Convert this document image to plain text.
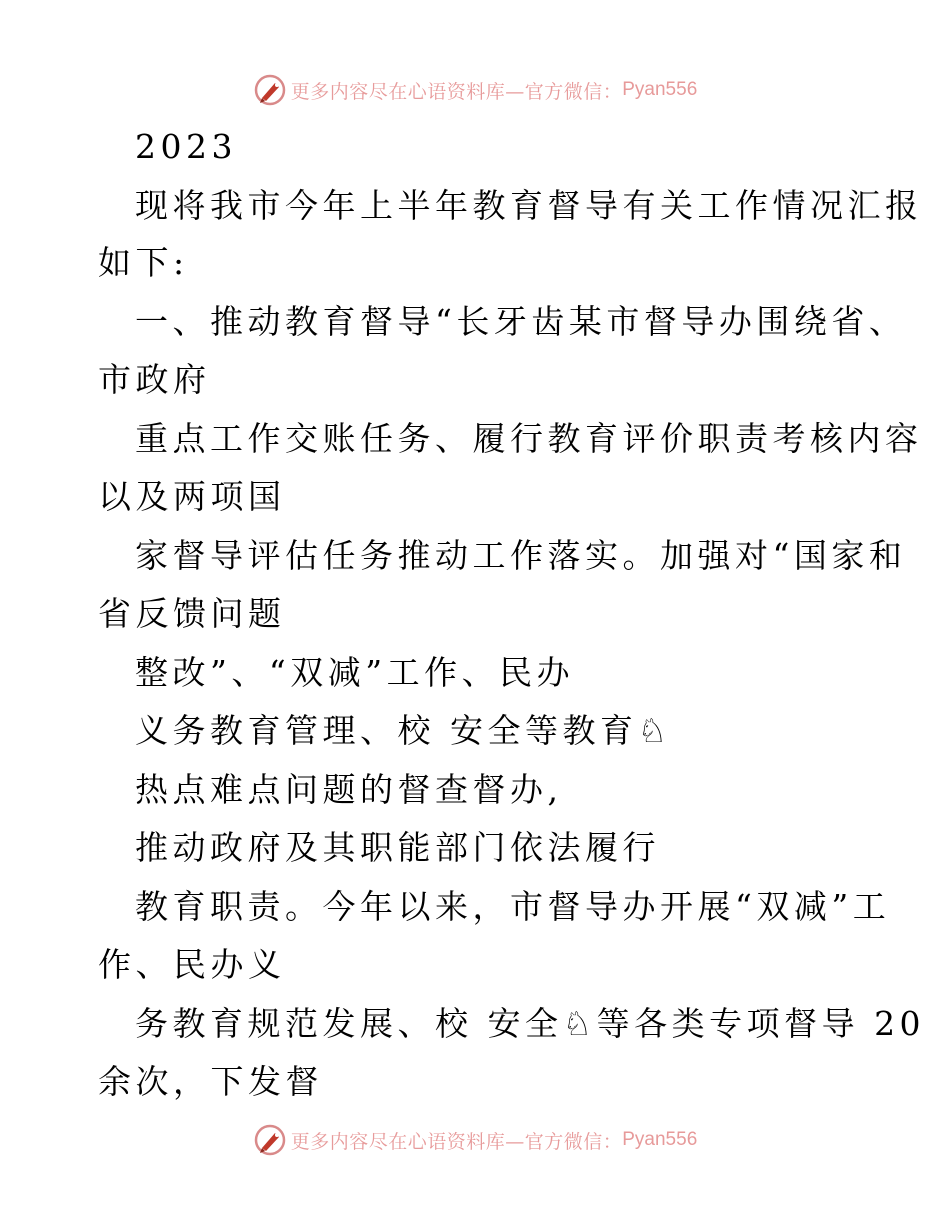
更多内容尽在心语资料库—官方微信： Pyan556
2023
现将我市今年上半年教育督导有关工作情况汇报
如下:
一、推动教育督导“长牙齿某市督导办围绕省、
市政府
重点工作交账任务、履行教育评价职责考核内容
以及两项国
家督导评估任务推动工作落实。加强对“国家和
省反馈问题
整改”、“双减”工作、民办
义务教育管理、校 安全等教育♘
热点难点问题的督查督办,
推动政府及其职能部门依法履行
教育职责。今年以来，市督导办开展“双减”工
作、民办义
务教育规范发展、校 安全♘等各类专项督导 20
余次，下发督
更多内容尽在心语资料库—官方微信： Pyan556
